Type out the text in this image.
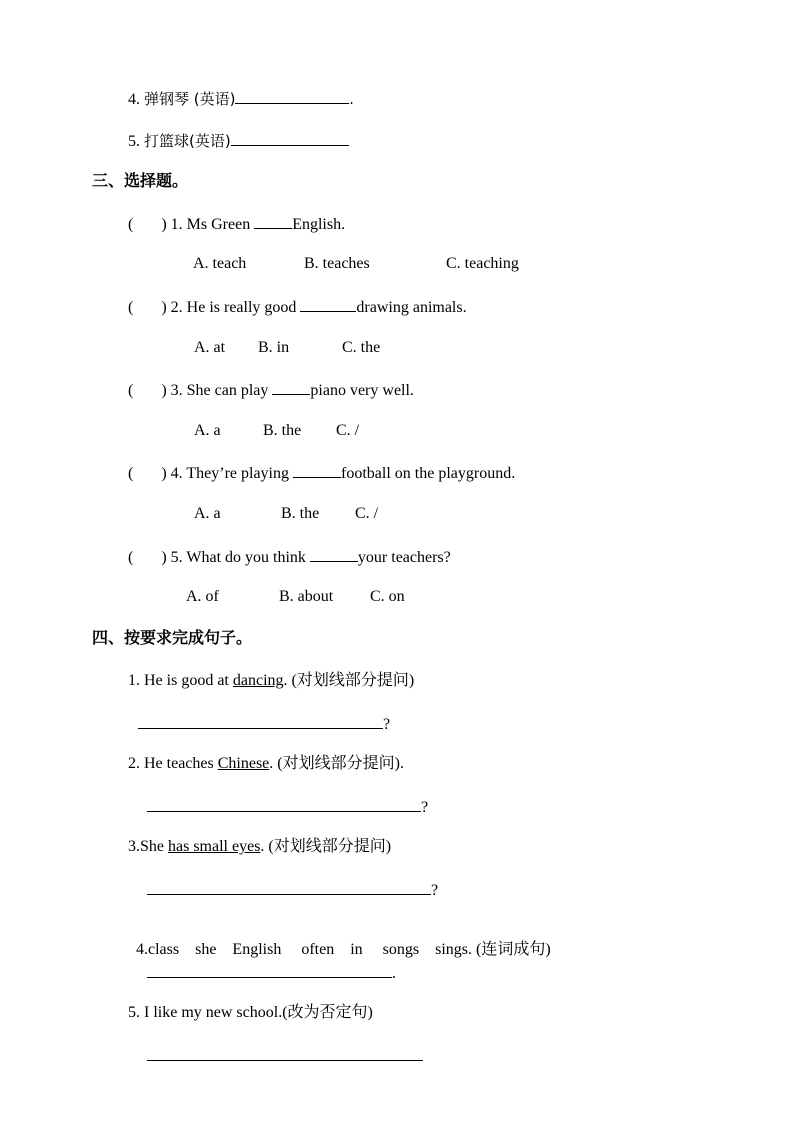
4. 弹钢琴 (英语)	.
5. 打篮球(英语)
三、选择题。
( ) 1. Ms Green	English.
A. teach	B. teaches	C. teaching
( ) 2. He is really good	drawing animals.
A. at B. in	C. the
( ) 3. She can play	piano very well.
A. a	B. the C. /
( ) 4. They’re playing	football on the playground.
A. a	B. the C. /
( ) 5. What do you think	your teachers?
A. of	B. about C. on
四、按要求完成句子。
1. He is good at dancing. (对划线部分提问)
?
2. He teaches Chinese. (对划线部分提问).
?
3.She has small eyes. (对划线部分提问)
?

4.class    she    English     often    in     songs    sings. (连词成句)

.
5. I like my new school.(改为否定句)
